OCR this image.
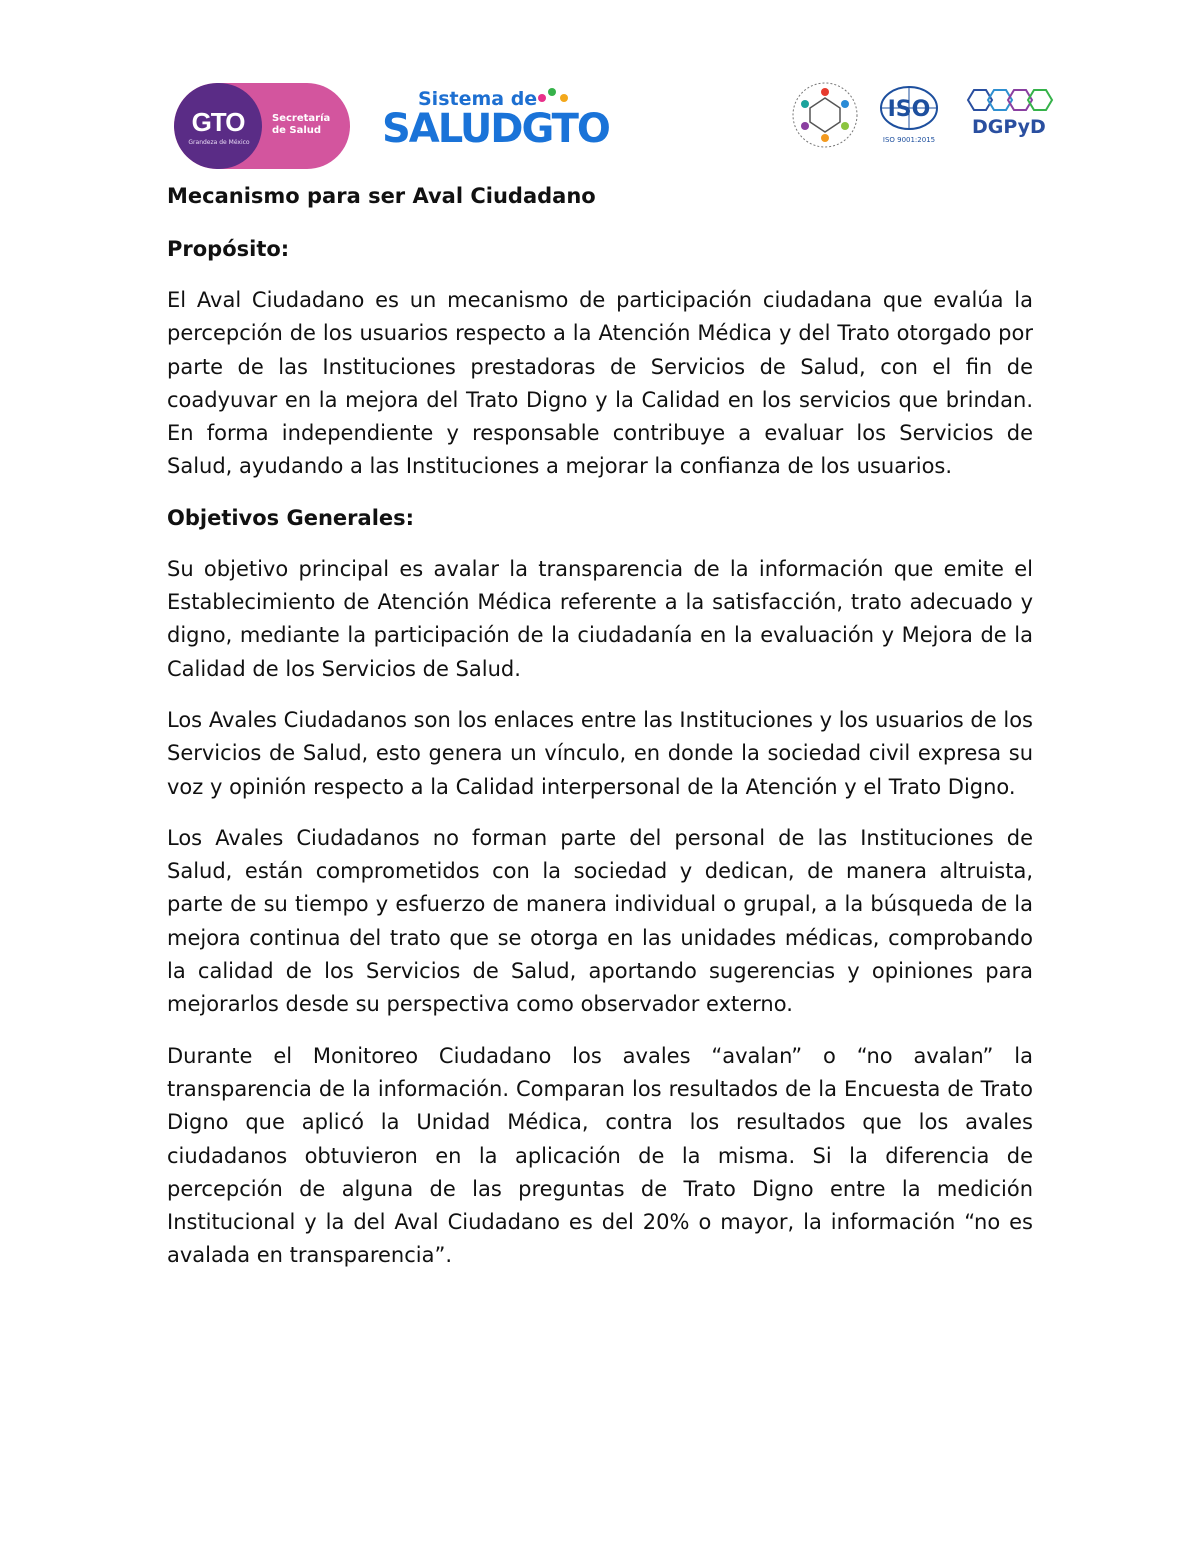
GTO
Grandeza de México
Secretaría de Salud
Sistema de
SALUDGTO	ISO
ISO 9001:2015
DGPyD
Mecanismo para ser Aval Ciudadano
Propósito:

El Aval Ciudadano es un mecanismo de participación ciudadana que evalúa la percepción de los usuarios respecto a la Atención Médica y del Trato otorgado por parte de las Instituciones prestadoras de Servicios de Salud, con el fin de coadyuvar en la mejora del Trato Digno y la Calidad en los servicios que brindan. En forma independiente y responsable contribuye a evaluar los Servicios de Salud, ayudando a las Instituciones a mejorar la confianza de los usuarios.

Objetivos Generales:

Su objetivo principal es avalar la transparencia de la información que emite el Establecimiento de Atención Médica referente a la satisfacción, trato adecuado y digno, mediante la participación de la ciudadanía en la evaluación y Mejora de la Calidad de los Servicios de Salud.

Los Avales Ciudadanos son los enlaces entre las Instituciones y los usuarios de los Servicios de Salud, esto genera un vínculo, en donde la sociedad civil expresa su voz y opinión respecto a la Calidad interpersonal de la Atención y el Trato Digno.

Los Avales Ciudadanos no forman parte del personal de las Instituciones de Salud, están comprometidos con la sociedad y dedican, de manera altruista, parte de su tiempo y esfuerzo de manera individual o grupal, a la búsqueda de la mejora continua del trato que se otorga en las unidades médicas, comprobando la calidad de los Servicios de Salud, aportando sugerencias y opiniones para mejorarlos desde su perspectiva como observador externo.

Durante el Monitoreo Ciudadano los avales “avalan” o “no avalan” la transparencia de la información. Comparan los resultados de la Encuesta de Trato Digno que aplicó la Unidad Médica, contra los resultados que los avales ciudadanos obtuvieron en la aplicación de la misma. Si la diferencia de percepción de alguna de las preguntas de Trato Digno entre la medición Institucional y la del Aval Ciudadano es del 20% o mayor, la información “no es avalada en transparencia”.
